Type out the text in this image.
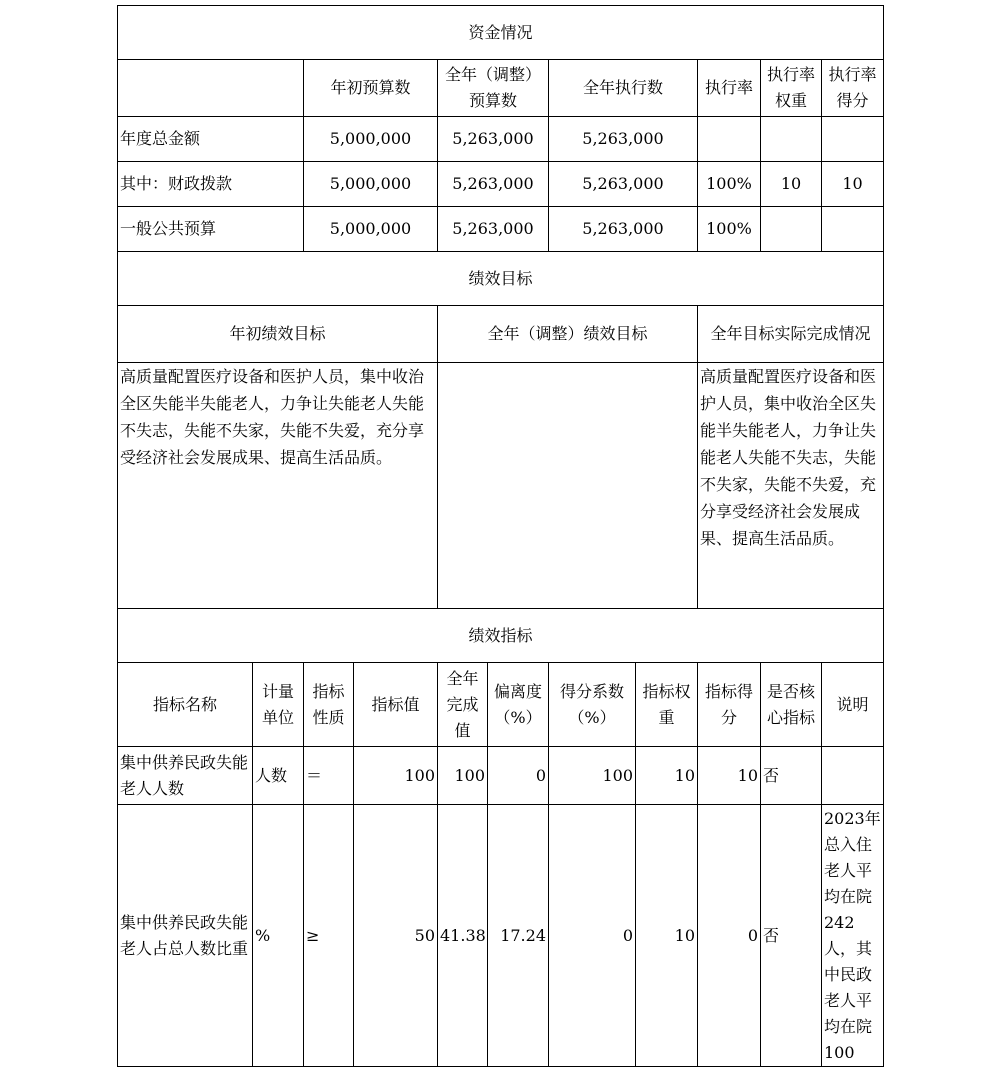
资金情况										
		年初预算数		全年（调整）预算数		全年执行数		执行率	执行率权重	执行率得分
年度总金额		5,000,000		5,263,000		5,263,000				
其中：财政拨款		5,000,000		5,263,000		5,263,000		100%	10	10
一般公共预算		5,000,000		5,263,000		5,263,000		100%		
绩效目标										
年初绩效目标				全年（调整）绩效目标				全年目标实际完成情况		
高质量配置医疗设备和医护人员，集中收治全区失能半失能老人，力争让失能老人失能不失志，失能不失家，失能不失爱，充分享受经济社会发展成果、提高生活品质。								高质量配置医疗设备和医护人员，集中收治全区失能半失能老人，力争让失能老人失能不失志，失能不失家，失能不失爱，充分享受经济社会发展成果、提高生活品质。		
绩效指标										
指标名称	计量单位	指标性质	指标值	全年完成值	偏离度（%）	得分系数（%）	指标权重	指标得分	是否核心指标	说明
集中供养民政失能老人人数	人数	＝	100	100	0	100	10	10	否	
集中供养民政失能老人占总人数比重	%	≥	50	41.38	17.24	0	10	0	否	2023年总入住老人平均在院242人，其中民政老人平均在院100
